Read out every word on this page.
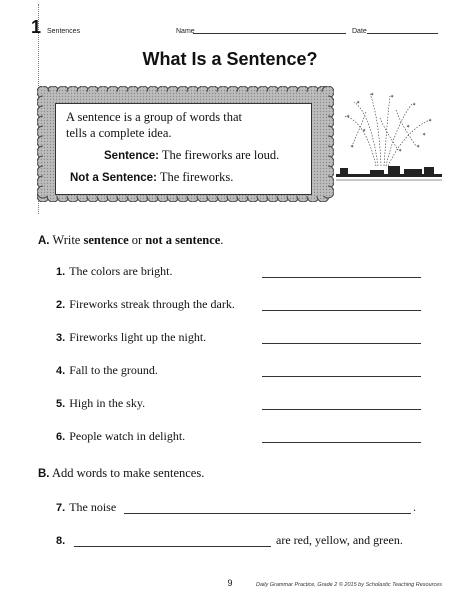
1 Sentences	Name	Date
What Is a Sentence?
A sentence is a group of words that
tells a complete idea.
Sentence: The fireworks are loud.
Not a Sentence: The fireworks.
✶
✶
✶	✶
✶
✶
✶
✶
✶
✶
✶
✶
A. Write sentence or not a sentence.
1. The colors are bright.
2. Fireworks streak through the dark.
3. Fireworks light up the night.
4. Fall to the ground.
5. High in the sky.
6. People watch in delight.
B. Add words to make sentences.
7. The noise	.
8.	are red, yellow, and green.
9	Daily Grammar Practice, Grade 2 © 2015 by Scholastic Teaching Resources
